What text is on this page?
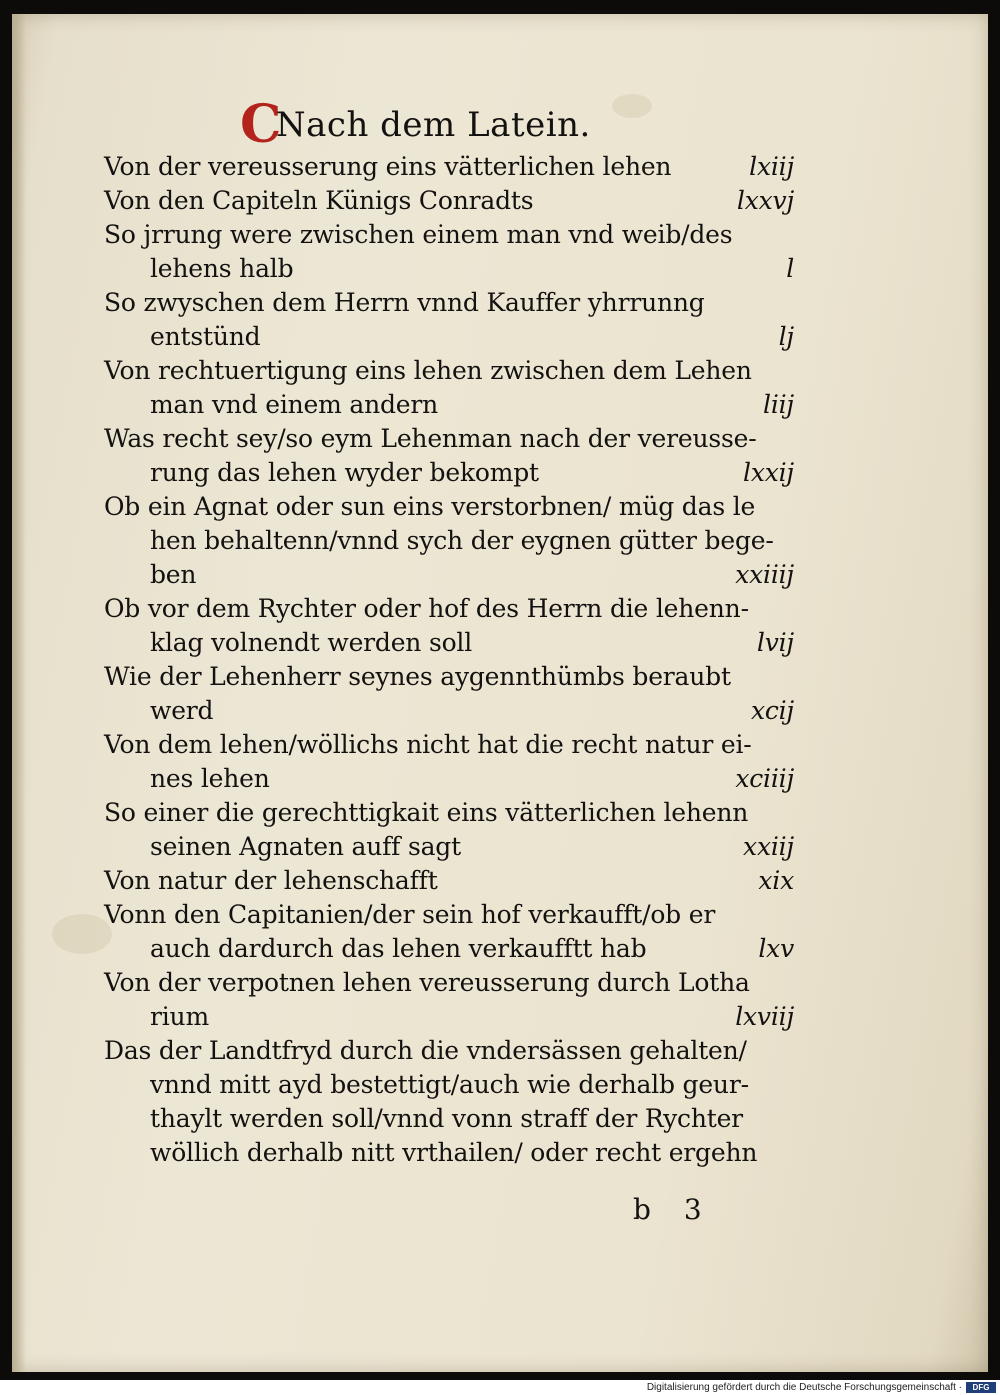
CNach dem Latein.
Von der vereusserung eins vätterlichen lehen	lxiij
Von den Capiteln Künigs Conradts	lxxvj
So jrrung were zwischen einem man vnd weib/des
lehens halb	l
So zwyschen dem Herrn vnnd Kauffer yhrrunng
entstünd	lj
Von rechtuertigung eins lehen zwischen dem Lehen
man vnd einem andern	liij
Was recht sey/so eym Lehenman nach der vereusse-
rung das lehen wyder bekompt	lxxij
Ob ein Agnat oder sun eins verstorbnen/ müg das le
hen behaltenn/vnnd sych der eygnen gütter bege-
ben	xxiiij
Ob vor dem Rychter oder hof des Herrn die lehenn-
klag volnendt werden soll	lvij
Wie der Lehenherr seynes aygennthümbs beraubt
werd	xcij
Von dem lehen/wöllichs nicht hat die recht natur ei-
nes lehen	xciiij
So einer die gerechttigkait eins vätterlichen lehenn
seinen Agnaten auff sagt	xxiij
Von natur der lehenschafft	xix
Vonn den Capitanien/der sein hof verkaufft/ob er
auch dardurch das lehen verkaufftt hab	lxv
Von der verpotnen lehen vereusserung durch Lotha
rium	lxviij
Das der Landtfryd durch die vndersässen gehalten/
vnnd mitt ayd bestettigt/auch wie derhalb geur-
thaylt werden soll/vnnd vonn straff der Rychter
wöllich derhalb nitt vrthailen/ oder recht ergehn
b 3
Digitalisierung gefördert durch die Deutsche Forschungsgemeinschaft ·	DFG
